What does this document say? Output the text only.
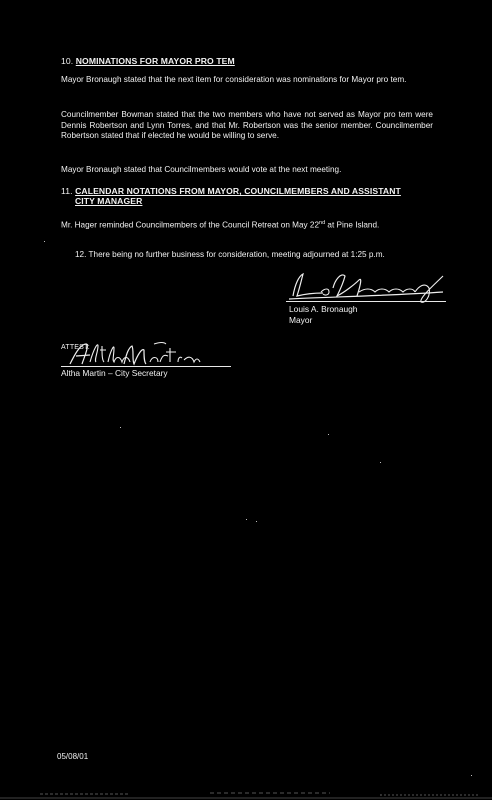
10. NOMINATIONS FOR MAYOR PRO TEM
Mayor Bronaugh stated that the next item for consideration was nominations for Mayor pro tem.
Councilmember Bowman stated that the two members who have not served as Mayor pro tem were Dennis Robertson and Lynn Torres, and that Mr. Robertson was the senior member. Councilmember Robertson stated that if elected he would be willing to serve.
Mayor Bronaugh stated that Councilmembers would vote at the next meeting.
11. CALENDAR NOTATIONS FROM MAYOR, COUNCILMEMBERS AND ASSISTANT
CITY MANAGER
Mr. Hager reminded Councilmembers of the Council Retreat on May 22nd at Pine Island.
12. There being no further business for consideration, meeting adjourned at 1:25 p.m.
Louis A. Bronaugh
Mayor
ATTEST:
Altha Martin – City Secretary
05/08/01
